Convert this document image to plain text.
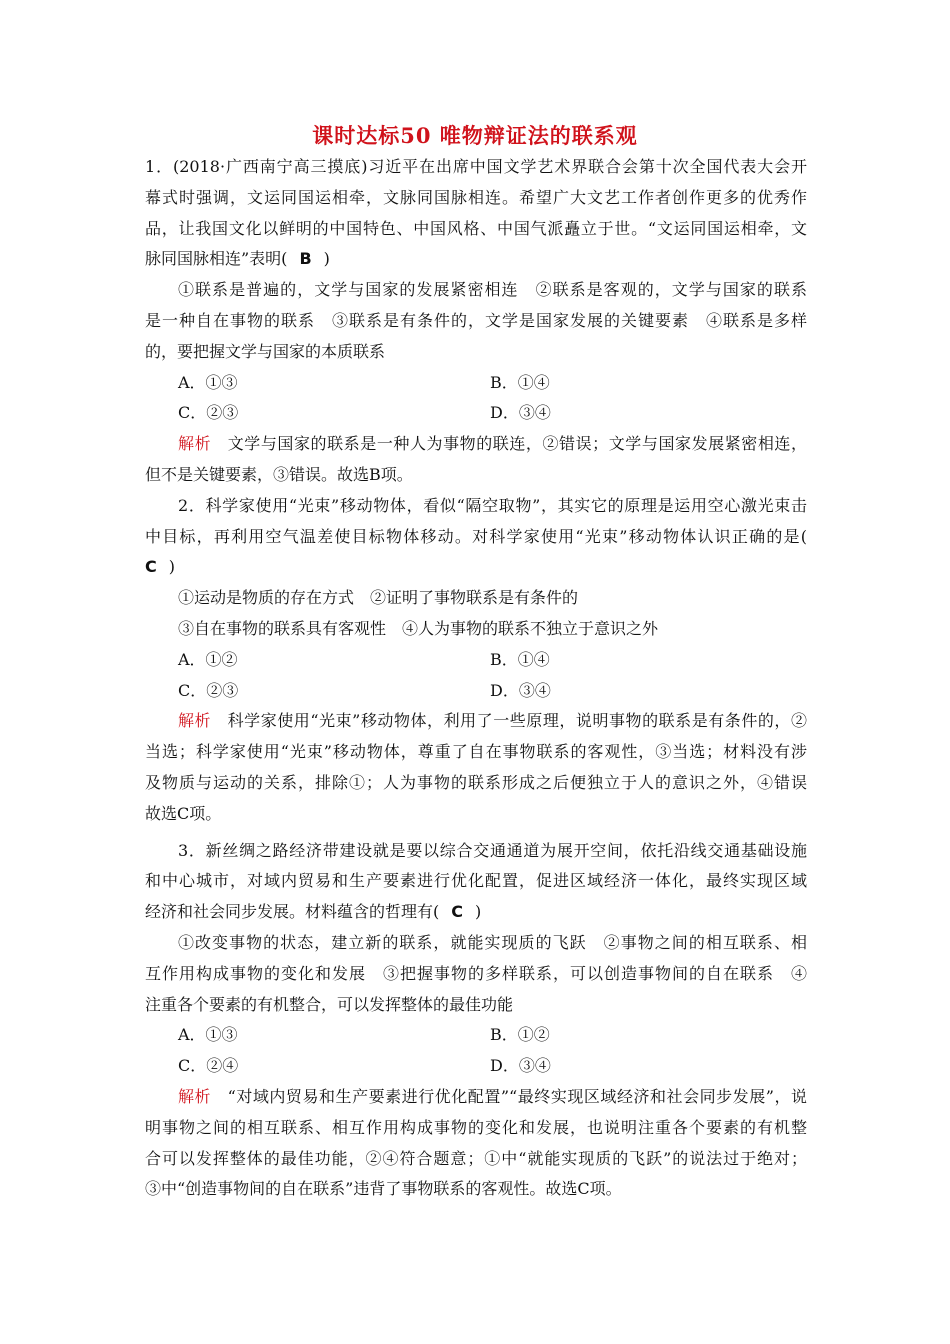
课时达标50 唯物辩证法的联系观
1．(2018·广西南宁高三摸底)习近平在出席中国文学艺术界联合会第十次全国代表大会开
幕式时强调，文运同国运相牵，文脉同国脉相连。希望广大文艺工作者创作更多的优秀作
品，让我国文化以鲜明的中国特色、中国风格、中国气派矗立于世。“文运同国运相牵，文
脉同国脉相连”表明( B )
①联系是普遍的，文学与国家的发展紧密相连　②联系是客观的，文学与国家的联系
是一种自在事物的联系　③联系是有条件的，文学是国家发展的关键要素　④联系是多样
的，要把握文学与国家的本质联系
A．①③	B．①④
C．②③	D．③④
解析　 文学与国家的联系是一种人为事物的联连，②错误；文学与国家发展紧密相连，
但不是关键要素，③错误。故选B项。
2．科学家使用“光束”移动物体，看似“隔空取物”，其实它的原理是运用空心激光束击
中目标，再利用空气温差使目标物体移动。对科学家使用“光束”移动物体认识正确的是(
C )
①运动是物质的存在方式　②证明了事物联系是有条件的
③自在事物的联系具有客观性　④人为事物的联系不独立于意识之外
A．①②	B．①④
C．②③	D．③④
解析　 科学家使用“光束”移动物体，利用了一些原理，说明事物的联系是有条件的，②
当选；科学家使用“光束”移动物体，尊重了自在事物联系的客观性，③当选；材料没有涉
及物质与运动的关系，排除①；人为事物的联系形成之后便独立于人的意识之外，④错误
故选C项。
3．新丝绸之路经济带建设就是要以综合交通通道为展开空间，依托沿线交通基础设施
和中心城市，对域内贸易和生产要素进行优化配置，促进区域经济一体化，最终实现区域
经济和社会同步发展。材料蕴含的哲理有( C )
①改变事物的状态，建立新的联系，就能实现质的飞跃　②事物之间的相互联系、相
互作用构成事物的变化和发展　③把握事物的多样联系，可以创造事物间的自在联系　④
注重各个要素的有机整合，可以发挥整体的最佳功能
A．①③	B．①②
C．②④	D．③④
解析　 “对域内贸易和生产要素进行优化配置”“最终实现区域经济和社会同步发展”，说
明事物之间的相互联系、相互作用构成事物的变化和发展，也说明注重各个要素的有机整
合可以发挥整体的最佳功能，②④符合题意；①中“就能实现质的飞跃”的说法过于绝对；
③中“创造事物间的自在联系”违背了事物联系的客观性。故选C项。
